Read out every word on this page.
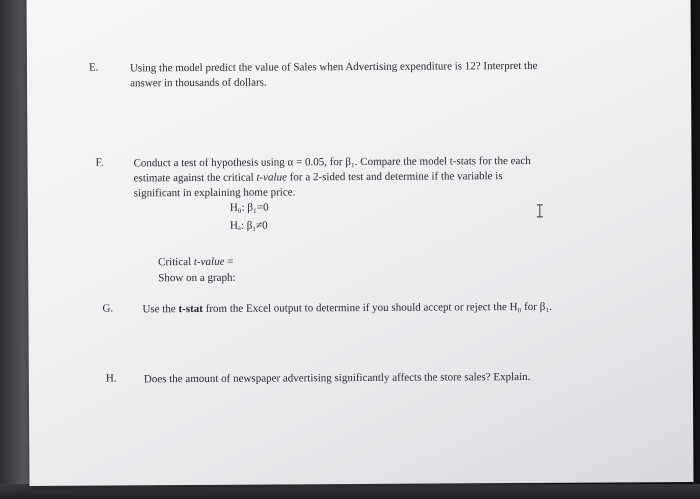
E.	Using the model predict the value of Sales when Advertising expenditure is 12? Interpret the
answer in thousands of dollars.
F.	Conduct a test of hypothesis using α = 0.05, for β₁. Compare the model t-stats for the each
estimate against the critical t-value for a 2-sided test and determine if the variable is
significant in explaining home price.
H₀: β₁=0
Hₐ: β₁≠0
Critical t-value =
Show on a graph:
G.	Use the t-stat from the Excel output to determine if you should accept or reject the H₀ for β₁.
H. Does the amount of newspaper advertising significantly affects the store sales? Explain.
